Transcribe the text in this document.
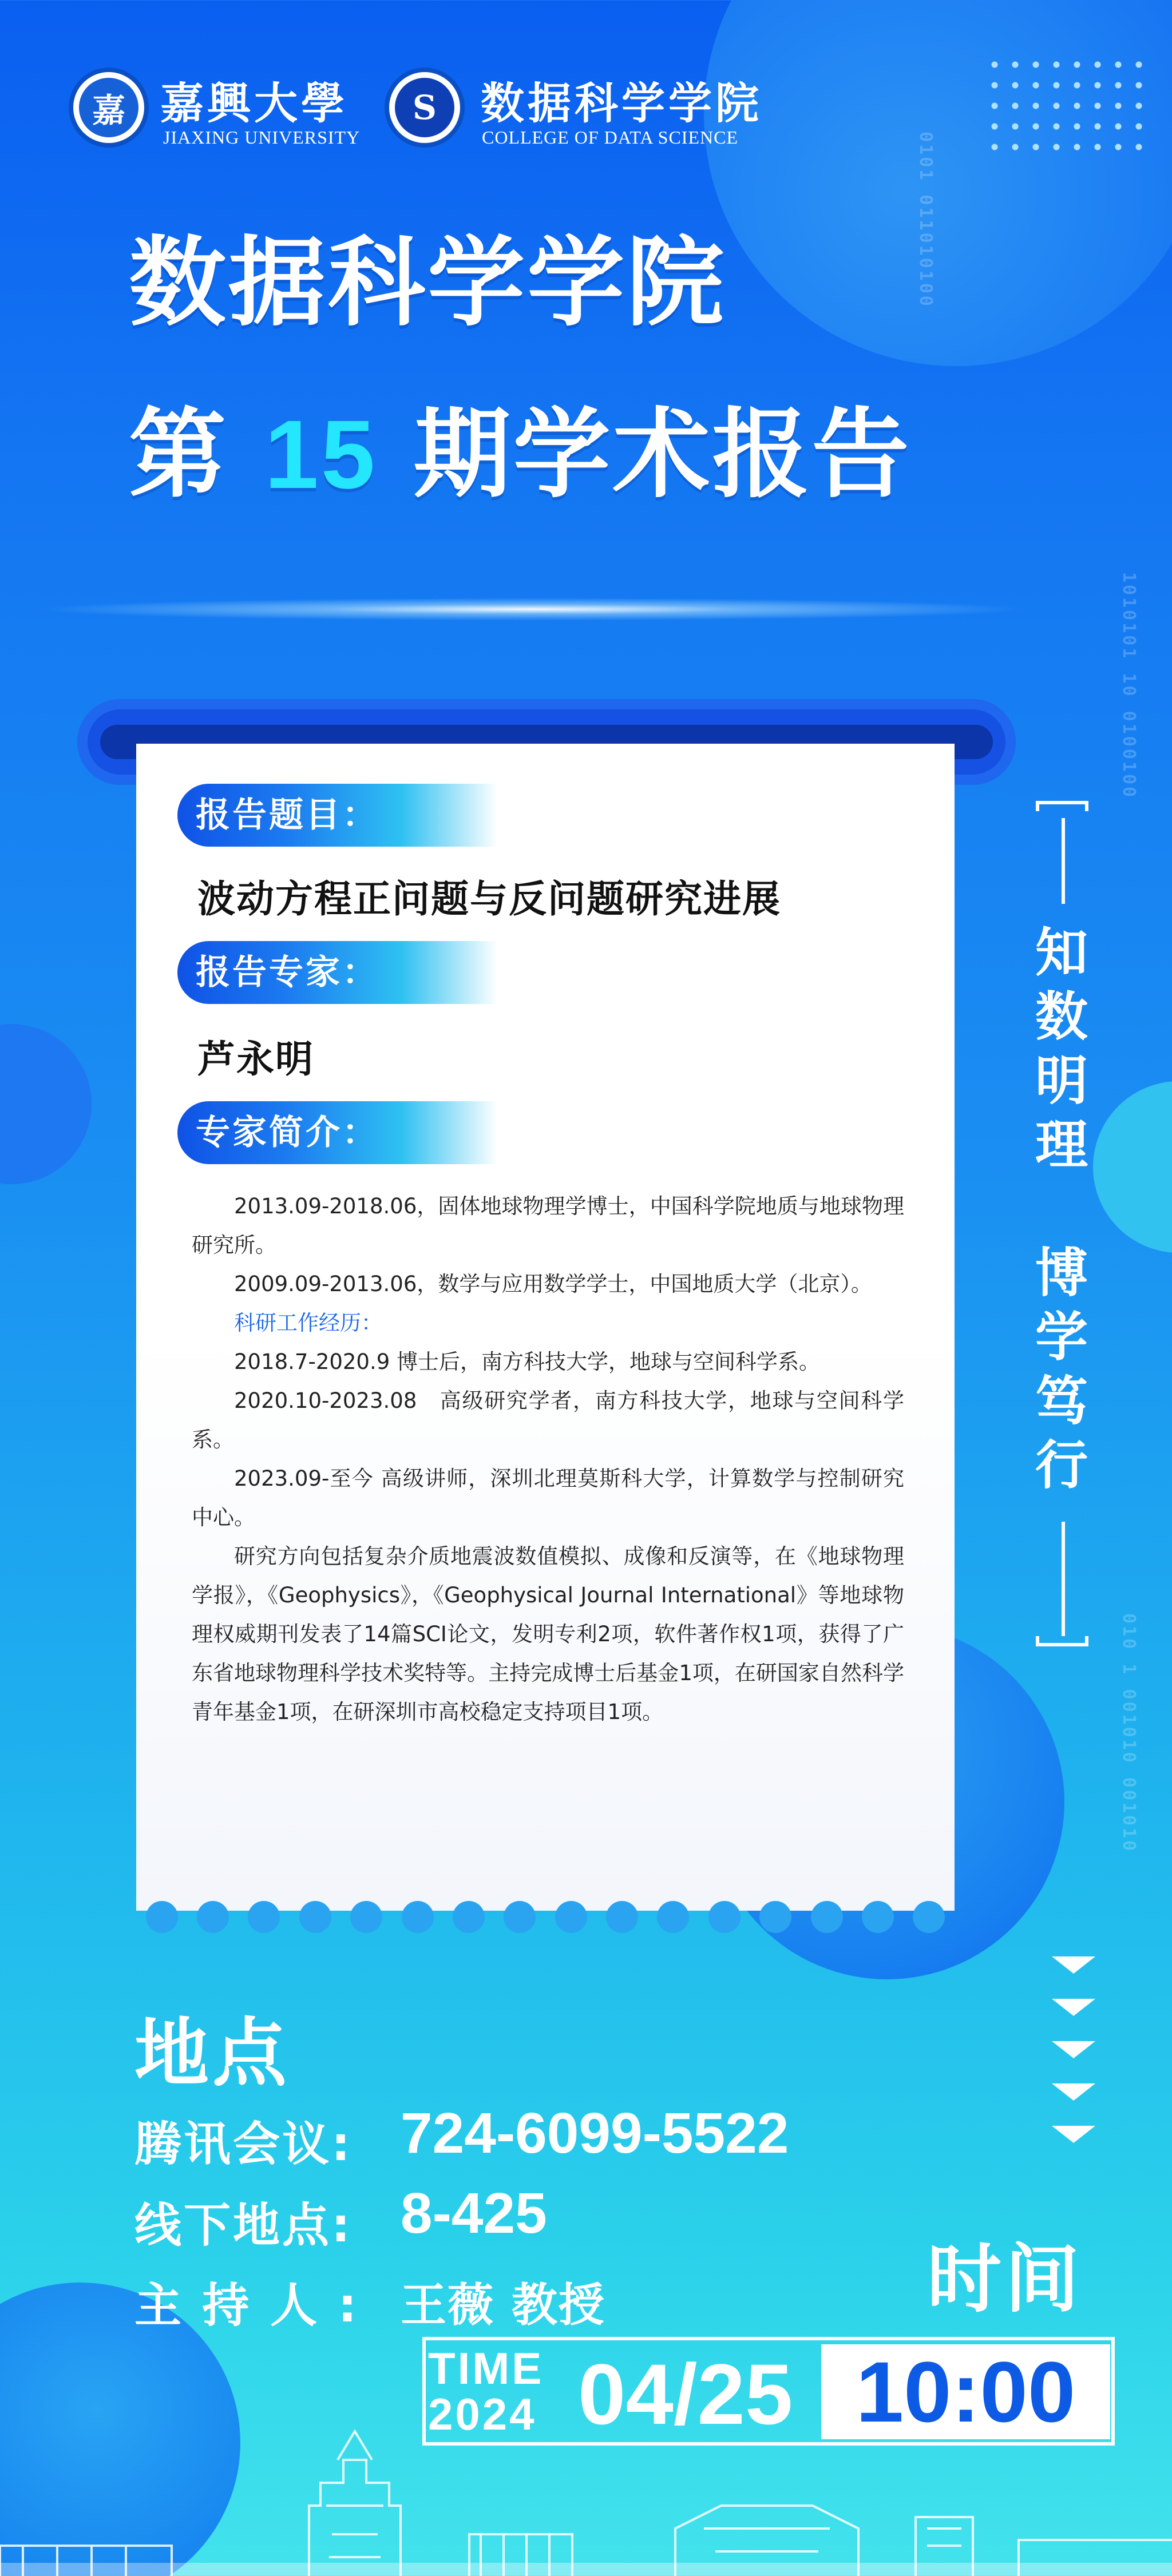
0101 011010100
1010101 10 0100100
010 1 001010 001010
嘉 嘉興大學
JIAXING UNIVERSITY
S	数据科学学院
COLLEGE OF DATA SCIENCE
数据科学学院
第 15 期学术报告
报告题目：
波动方程正问题与反问题研究进展
报告专家：
芦永明
专家简介：

2013.09-2018.06，固体地球物理学博士，中国科学院地质与地球物理研究所。

2009.09-2013.06，数学与应用数学学士，中国地质大学（北京）。

科研工作经历：

2018.7-2020.9 博士后，南方科技大学，地球与空间科学系。

2020.10-2023.08　高级研究学者，南方科技大学，地球与空间科学系。

2023.09-至今 高级讲师，深圳北理莫斯科大学，计算数学与控制研究中心。

研究方向包括复杂介质地震波数值模拟、成像和反演等，在《地球物理学报》，《Geophysics》，《Geophysical Journal International》等地球物理权威期刊发表了14篇SCI论文，发明专利2项，软件著作权1项，获得了广东省地球物理科学技术奖特等。主持完成博士后基金1项，在研国家自然科学青年基金1项，在研深圳市高校稳定支持项目1项。

知
数
明
理
博
学
笃
行
地点
腾讯会议: 724-6099-5522
线下地点: 8-425
主 持 人 : 王薇 教授	时间
TIME
2024 04/25 10:00
